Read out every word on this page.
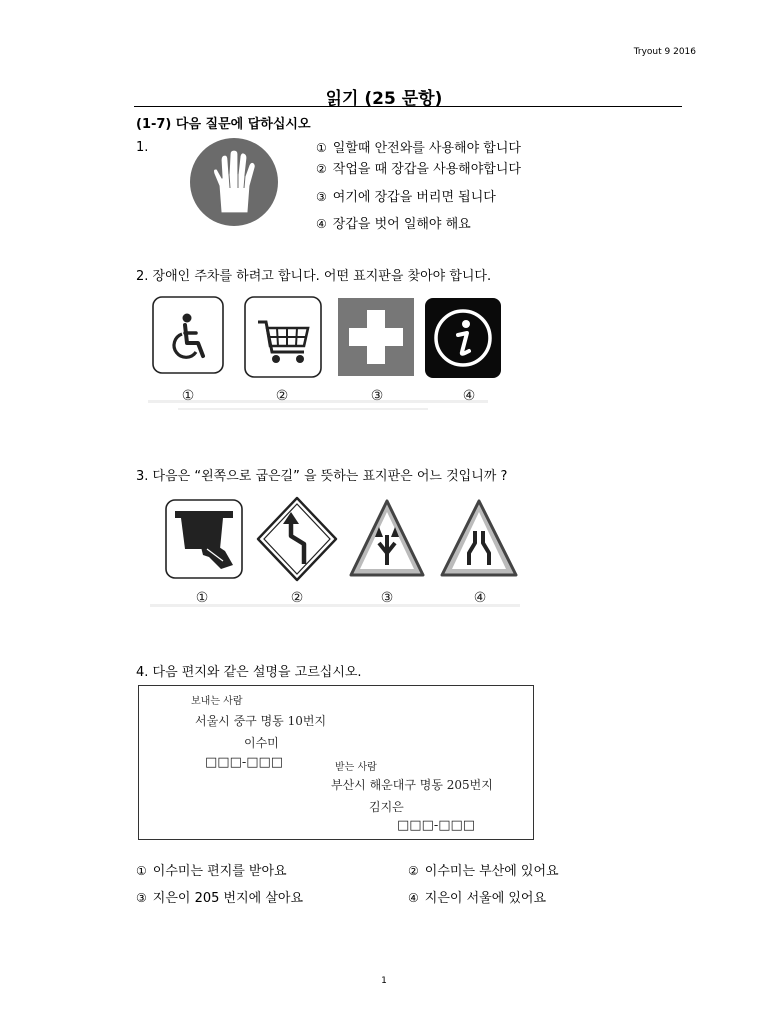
Tryout 9 2016
읽기 (25 문항)
(1-7) 다음 질문에 답하십시오
1.	① 일할때 안전와를 사용해야 합니다
② 작업을 때 장갑을 사용해야합니다
③ 여기에 장갑을 버리면 됩니다
④ 장갑을 벗어 일해야 해요
2. 장애인 주차를 하려고 합니다. 어떤 표지판을 찾아야 합니다.
①	②	③	④
3. 다음은 “왼쪽으로 굽은길” 을 뜻하는 표지판은 어느 것입니까 ?
①	②	③	④
4. 다음 편지와 같은 설명을 고르십시오.
보내는 사람
서울시 중구 명동 10번지
이수미
□□□-□□□	받는 사람
부산시 해운대구 명동 205번지
김지은
□□□-□□□
① 이수미는 편지를 받아요	② 이수미는 부산에 있어요
③ 지은이 205 번지에 살아요	④ 지은이 서울에 있어요
1
